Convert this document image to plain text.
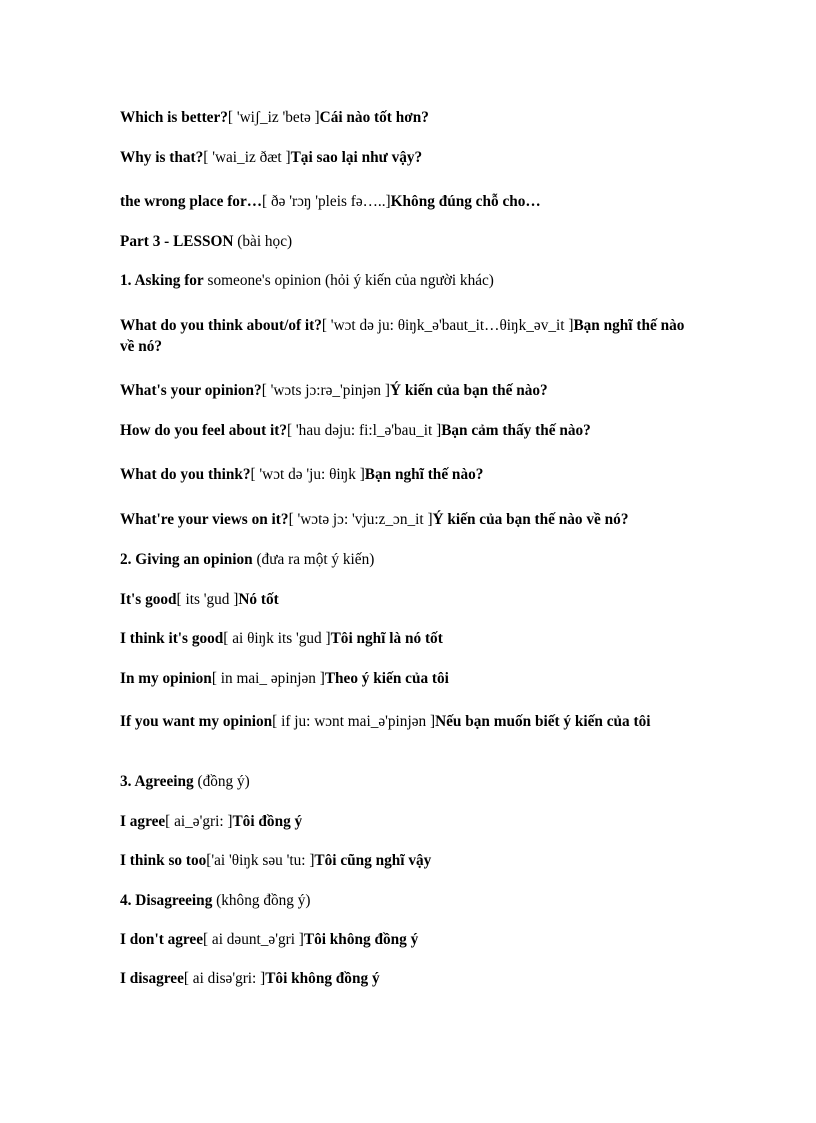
Which is better?[ 'wiʃ_iz 'betə ]Cái nào tốt hơn?
Why is that?[ 'wai_iz ðæt ]Tại sao lại như vậy?
the wrong place for…[ ðə 'rɔŋ 'pleis fə…..]Không đúng chỗ cho…
Part 3 - LESSON (bài học)
1. Asking for someone's opinion (hỏi ý kiến của người khác)
What do you think about/of it?[ 'wɔt də ju: θiŋk_ə'baut_it…θiŋk_əv_it ]Bạn nghĩ thế nào về nó?
What's your opinion?[ 'wɔts jɔ:rə_'pinjən ]Ý kiến của bạn thế nào?
How do you feel about it?[ 'hau dəju: fi:l_ə'bau_it ]Bạn cảm thấy thế nào?
What do you think?[ 'wɔt də 'ju: θiŋk ]Bạn nghĩ thế nào?
What're your views on it?[ 'wɔtə jɔ: 'vju:z_ɔn_it ]Ý kiến của bạn thế nào về nó?
2. Giving an opinion (đưa ra một ý kiến)
It's good[ its 'gud ]Nó tốt
I think it's good[ ai θiŋk its 'gud ]Tôi nghĩ là nó tốt
In my opinion[ in mai_ əpinjən ]Theo ý kiến của tôi
If you want my opinion[ if ju: wɔnt mai_ə'pinjən ]Nếu bạn muốn biết ý kiến của tôi
3. Agreeing (đồng ý)
I agree[ ai_ə'gri: ]Tôi đồng ý
I think so too['ai 'θiŋk səu 'tu: ]Tôi cũng nghĩ vậy
4. Disagreeing (không đồng ý)
I don't agree[ ai dəunt_ə'gri ]Tôi không đồng ý
I disagree[ ai disə'gri: ]Tôi không đồng ý
